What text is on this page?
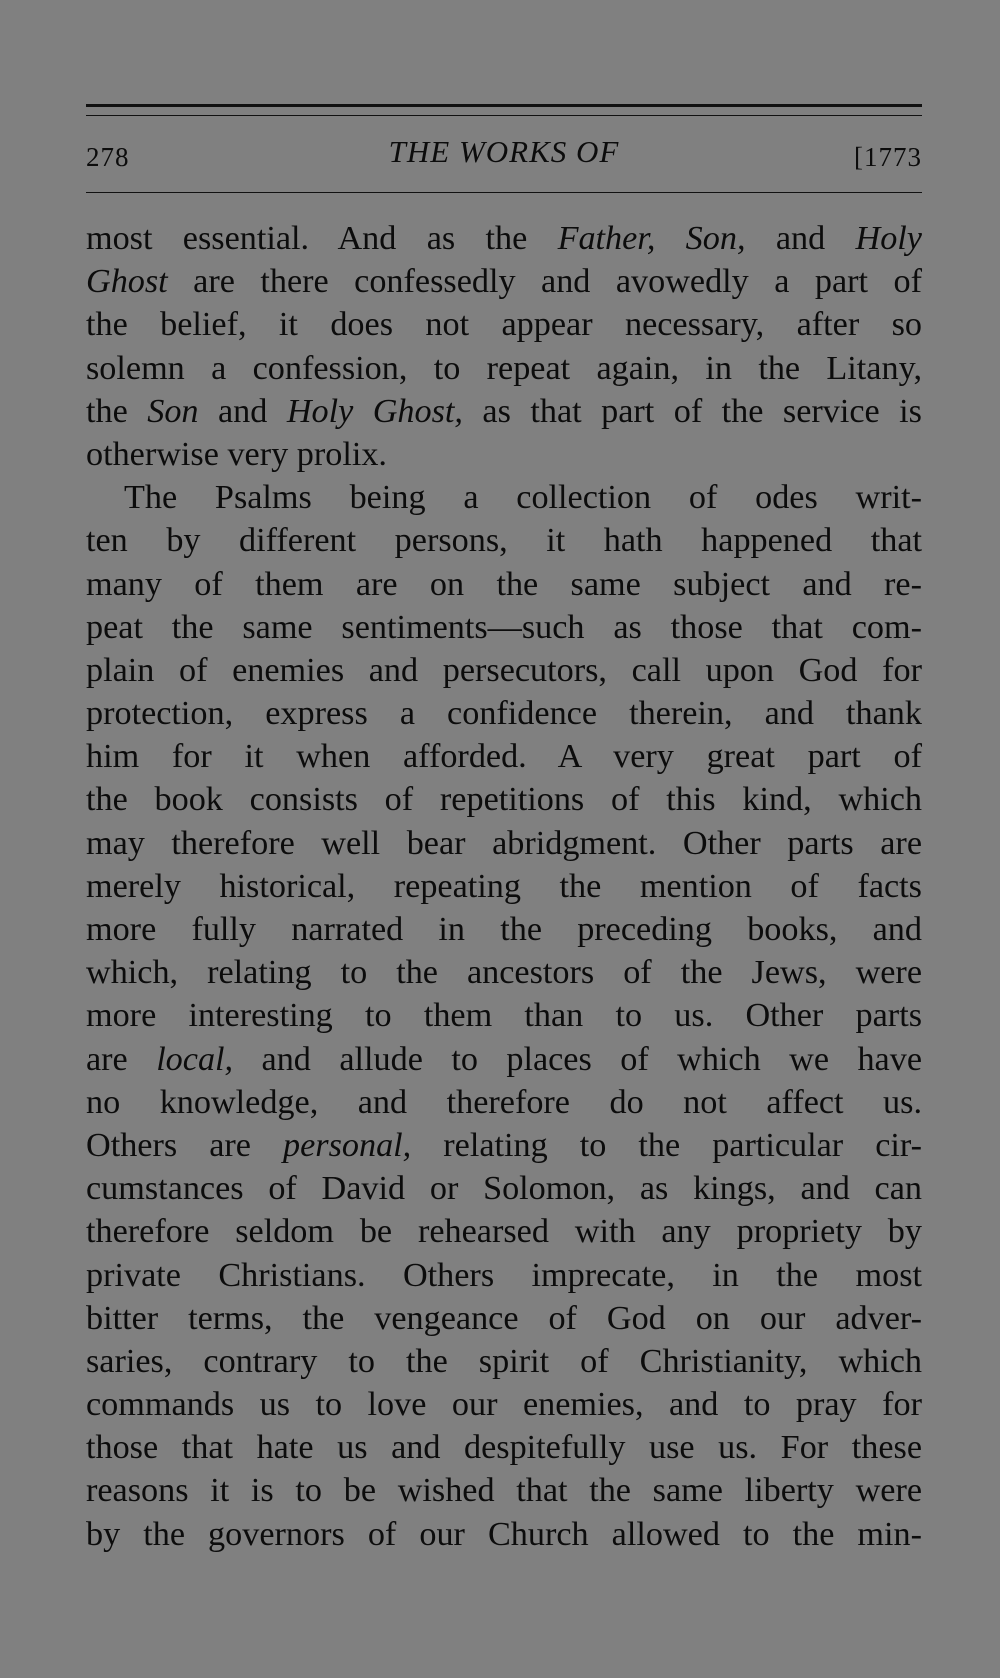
278	THE WORKS OF	[1773
most essential. And as the Father, Son, and Holy
Ghost are there confessedly and avowedly a part of
the belief, it does not appear necessary, after so
solemn a confession, to repeat again, in the Litany,
the Son and Holy Ghost, as that part of the service is
otherwise very prolix.
The Psalms being a collection of odes writ-
ten by different persons, it hath happened that
many of them are on the same subject and re-
peat the same sentiments—such as those that com-
plain of enemies and persecutors, call upon God for
protection, express a confidence therein, and thank
him for it when afforded. A very great part of
the book consists of repetitions of this kind, which
may therefore well bear abridgment. Other parts are
merely historical, repeating the mention of facts
more fully narrated in the preceding books, and
which, relating to the ancestors of the Jews, were
more interesting to them than to us. Other parts
are local, and allude to places of which we have
no knowledge, and therefore do not affect us.
Others are personal, relating to the particular cir-
cumstances of David or Solomon, as kings, and can
therefore seldom be rehearsed with any propriety by
private Christians. Others imprecate, in the most
bitter terms, the vengeance of God on our adver-
saries, contrary to the spirit of Christianity, which
commands us to love our enemies, and to pray for
those that hate us and despitefully use us. For these
reasons it is to be wished that the same liberty were
by the governors of our Church allowed to the min-
